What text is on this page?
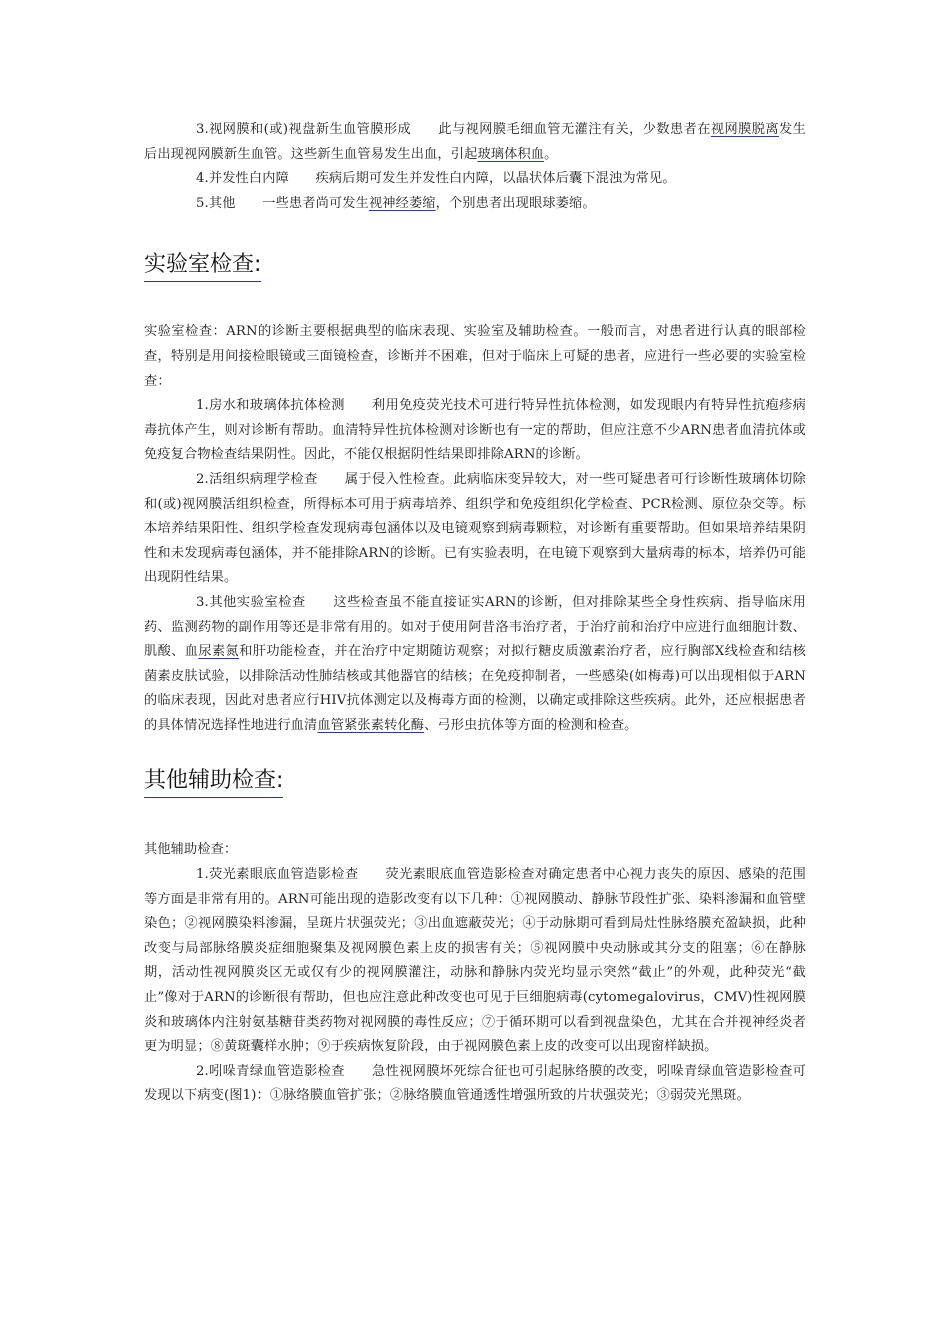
3.视网膜和(或)视盘新生血管膜形成　　此与视网膜毛细血管无灌注有关，少数患者在视网膜脱离发生后出现视网膜新生血管。这些新生血管易发生出血，引起玻璃体积血。

4.并发性白内障　　疾病后期可发生并发性白内障，以晶状体后囊下混浊为常见。

5.其他　　一些患者尚可发生视神经萎缩，个别患者出现眼球萎缩。

实验室检查:

实验室检查：ARN的诊断主要根据典型的临床表现、实验室及辅助检查。一般而言，对患者进行认真的眼部检查，特别是用间接检眼镜或三面镜检查，诊断并不困难，但对于临床上可疑的患者，应进行一些必要的实验室检查：

1.房水和玻璃体抗体检测　　利用免疫荧光技术可进行特异性抗体检测，如发现眼内有特异性抗疱疹病毒抗体产生，则对诊断有帮助。血清特异性抗体检测对诊断也有一定的帮助，但应注意不少ARN患者血清抗体或免疫复合物检查结果阴性。因此，不能仅根据阴性结果即排除ARN的诊断。

2.活组织病理学检查　　属于侵入性检查。此病临床变异较大，对一些可疑患者可行诊断性玻璃体切除和(或)视网膜活组织检查，所得标本可用于病毒培养、组织学和免疫组织化学检查、PCR检测、原位杂交等。标本培养结果阳性、组织学检查发现病毒包涵体以及电镜观察到病毒颗粒，对诊断有重要帮助。但如果培养结果阴性和未发现病毒包涵体，并不能排除ARN的诊断。已有实验表明，在电镜下观察到大量病毒的标本，培养仍可能出现阴性结果。

3.其他实验室检查　　这些检查虽不能直接证实ARN的诊断，但对排除某些全身性疾病、指导临床用药、监测药物的副作用等还是非常有用的。如对于使用阿昔洛韦治疗者，于治疗前和治疗中应进行血细胞计数、肌酸、血尿素氮和肝功能检查，并在治疗中定期随访观察；对拟行糖皮质激素治疗者，应行胸部X线检查和结核菌素皮肤试验，以排除活动性肺结核或其他器官的结核；在免疫抑制者，一些感染(如梅毒)可以出现相似于ARN的临床表现，因此对患者应行HIV抗体测定以及梅毒方面的检测，以确定或排除这些疾病。此外，还应根据患者的具体情况选择性地进行血清血管紧张素转化酶、弓形虫抗体等方面的检测和检查。

其他辅助检查:

其他辅助检查：

1.荧光素眼底血管造影检查　　荧光素眼底血管造影检查对确定患者中心视力丧失的原因、感染的范围等方面是非常有用的。ARN可能出现的造影改变有以下几种：①视网膜动、静脉节段性扩张、染料渗漏和血管壁染色；②视网膜染料渗漏，呈斑片状强荧光；③出血遮蔽荧光；④于动脉期可看到局灶性脉络膜充盈缺损，此种改变与局部脉络膜炎症细胞聚集及视网膜色素上皮的损害有关；⑤视网膜中央动脉或其分支的阻塞；⑥在静脉期，活动性视网膜炎区无或仅有少的视网膜灌注，动脉和静脉内荧光均显示突然“截止”的外观，此种荧光“截止”像对于ARN的诊断很有帮助，但也应注意此种改变也可见于巨细胞病毒(cytomegalovirus，CMV)性视网膜炎和玻璃体内注射氨基糖苷类药物对视网膜的毒性反应；⑦于循环期可以看到视盘染色，尤其在合并视神经炎者更为明显；⑧黄斑囊样水肿；⑨于疾病恢复阶段，由于视网膜色素上皮的改变可以出现窗样缺损。

2.吲哚青绿血管造影检查　　急性视网膜坏死综合征也可引起脉络膜的改变，吲哚青绿血管造影检查可发现以下病变(图1)：①脉络膜血管扩张；②脉络膜血管通透性增强所致的片状强荧光；③弱荧光黑斑。
